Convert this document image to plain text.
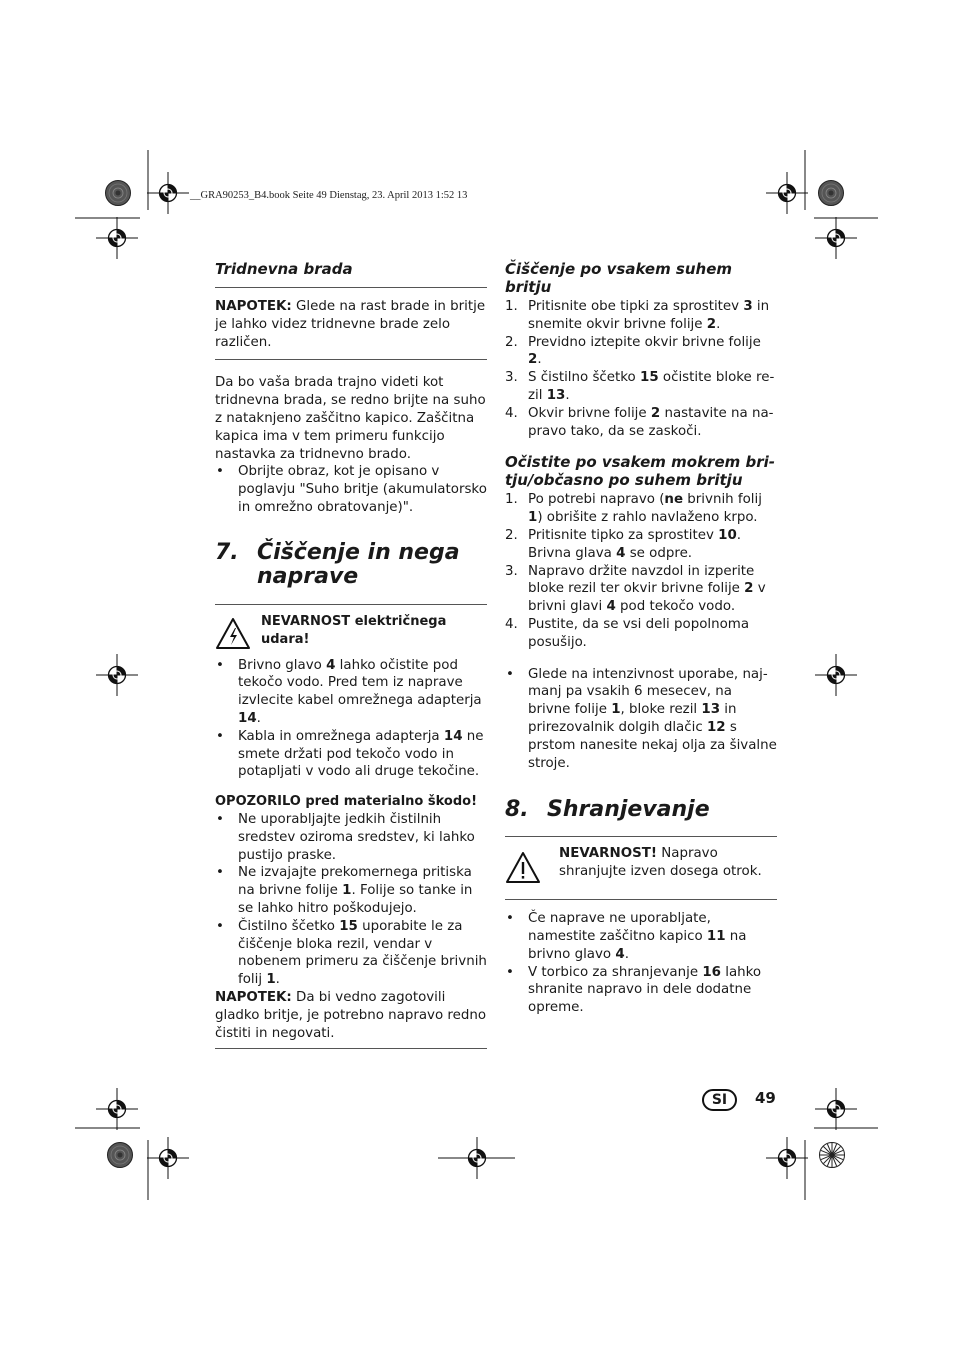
__GRA90253_B4.book Seite 49 Dienstag, 23. April 2013 1:52 13

Tridnevna brada

NAPOTEK: Glede na rast brade in britje je lahko videz tridnevne brade zelo različen.

Da bo vaša brada trajno videti kot tridnevna brada, se redno brijte na suho z nataknjeno zaščitno kapico. Zaščitna kapica ima v tem primeru funkcijo nastavka za tridnevno brado.

• Obrijte obraz, kot je opisano v poglavju "Suho britje (akumulatorsko in omrežno obratovanje)".
7. Čiščenje in nega naprave
NEVARNOST električnega udara!
• Brivno glavo 4 lahko očistite pod tekočo vodo. Pred tem iz naprave izvlecite kabel omrežnega adapterja 14.
• Kabla in omrežnega adapterja 14 ne smete držati pod tekočo vodo in potapljati v vodo ali druge tekočine.

OPOZORILO pred materialno škodo!

• Ne uporabljajte jedkih čistilnih sredstev oziroma sredstev, ki lahko pustijo praske.
• Ne izvajajte prekomernega pritiska na brivne folije 1. Folije so tanke in se lahko hitro poškodujejo.
• Čistilno ščetko 15 uporabite le za čiščenje bloka rezil, vendar v nobenem primeru za čiščenje brivnih folij 1.

NAPOTEK: Da bi vedno zagotovili gladko britje, je potrebno napravo redno čistiti in negovati.

Čiščenje po vsakem suhem britju

1. Pritisnite obe tipki za sprostitev 3 in snemite okvir brivne folije 2.
2. Previdno iztepite okvir brivne folije 2.
3. S čistilno ščetko 15 očistite bloke rezil 13.
4. Okvir brivne folije 2 nastavite na napravo tako, da se zaskoči.

Očistite po vsakem mokrem britju/občasno po suhem britju

1. Po potrebi napravo (ne brivnih folij 1) obrišite z rahlo navlaženo krpo.
2. Pritisnite tipko za sprostitev 10. Brivna glava 4 se odpre.
3. Napravo držite navzdol in izperite bloke rezil ter okvir brivne folije 2 v brivni glavi 4 pod tekočo vodo.
4. Pustite, da se vsi deli popolnoma posušijo.
• Glede na intenzivnost uporabe, najmanj pa vsakih 6 mesecev, na brivne folije 1, bloke rezil 13 in prirezovalnik dolgih dlačic 12 s prstom nanesite nekaj olja za šivalne stroje.
8. Shranjevanje
NEVARNOST! Napravo shranjujte izven dosega otrok.
• Če naprave ne uporabljate, namestite zaščitno kapico 11 na brivno glavo 4.
• V torbico za shranjevanje 16 lahko shranite napravo in dele dodatne opreme.
SI	49
